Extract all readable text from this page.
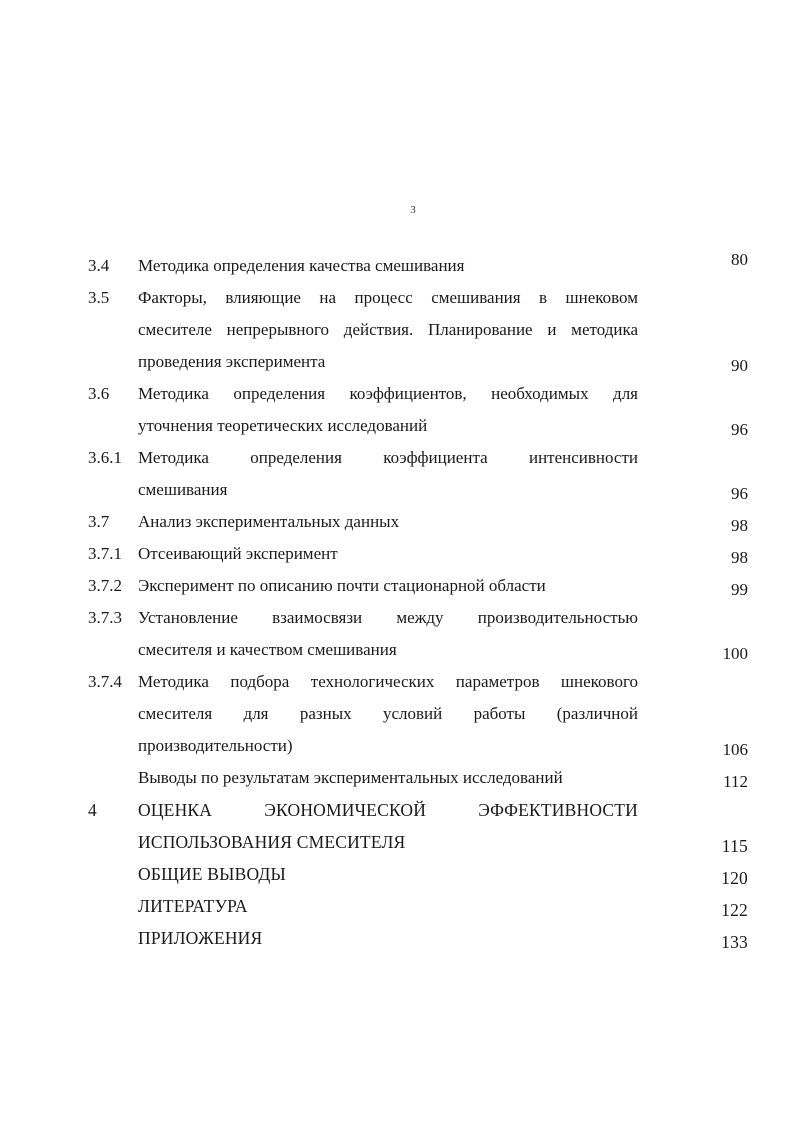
3
3.4	Методика определения качества смешивания	80
3.5	Факторы, влияющие на процесс смешивания в шнековом
смесителе непрерывного действия. Планирование и методика
проведения эксперимента	90
3.6	Методика определения коэффициентов, необходимых для
уточнения теоретических исследований	96
3.6.1 Методика определения коэффициента интенсивности
смешивания	96
3.7	Анализ экспериментальных данных	98
3.7.1 Отсеивающий эксперимент	98
3.7.2 Эксперимент по описанию почти стационарной области	99
3.7.3 Установление взаимосвязи между производительностью
смесителя и качеством смешивания	100
3.7.4 Методика подбора технологических параметров шнекового
смесителя для разных условий работы (различной
производительности)	106
Выводы по результатам экспериментальных исследований	112
4	ОЦЕНКА ЭКОНОМИЧЕСКОЙ ЭФФЕКТИВНОСТИ
ИСПОЛЬЗОВАНИЯ СМЕСИТЕЛЯ	115
ОБЩИЕ ВЫВОДЫ	120
ЛИТЕРАТУРА	122
ПРИЛОЖЕНИЯ	133
